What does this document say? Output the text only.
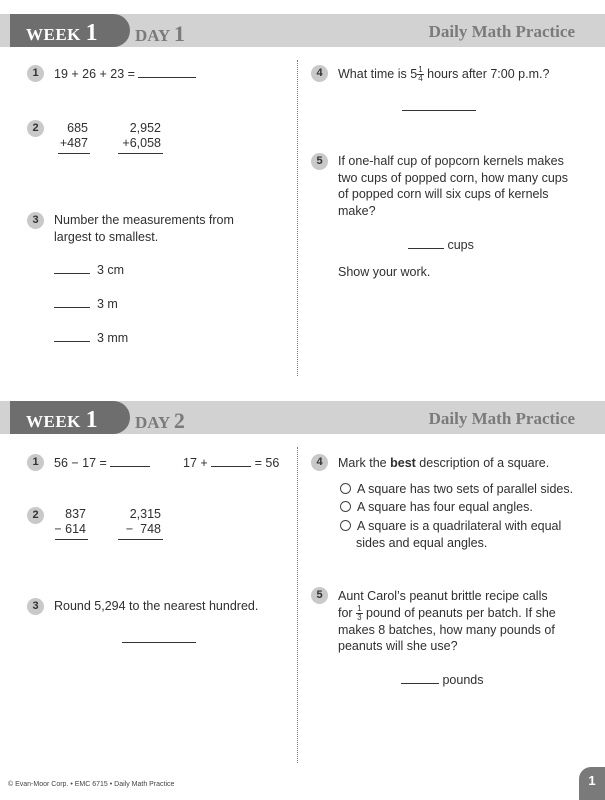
WEEK 1 DAY 1	Daily Math Practice
1	19 + 26 + 23 =
2	685
+487
2,952
+6,058
3	Number the measurements from
largest to smallest.
3 cm
3 m
3 mm
4	What time is $5 \frac{1}{4}$ hours after 7:00 p.m.?
5	If one-half cup of popcorn kernels makes
two cups of popped corn, how many cups
of popped corn will six cups of kernels
make?
cups
Show your work.
WEEK 1 DAY 2	Daily Math Practice
1	56 − 17 =	17 +	= 56
2	837
− 614
2,315
−  748
3	Round 5,294 to the nearest hundred.
4	Mark the best description of a square.
A square has two sets of parallel sides.
A square has four equal angles.
A square is a quadrilateral with equal
sides and equal angles.
5	Aunt Carol’s peanut brittle recipe calls
for $\frac{1}{3}$ pound of peanuts per batch. If she
makes 8 batches, how many pounds of
peanuts will she use?
pounds
© Evan-Moor Corp. • EMC 6715 • Daily Math Practice	1
